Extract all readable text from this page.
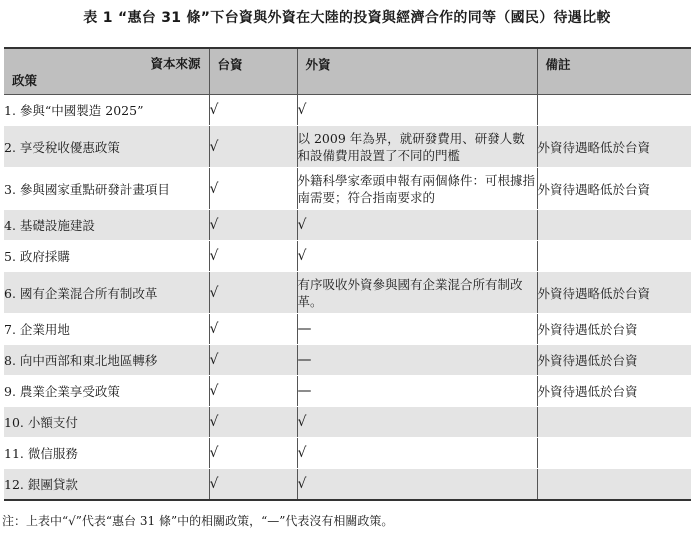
表 1 “惠台 31 條”下台資與外資在大陸的投資與經濟合作的同等（國民）待遇比較
資本來源
政策	台資	外資	備註

1. 參與“中國製造 2025”	√	√	
2. 享受稅收優惠政策	√	以 2009 年為界，就研發費用、研發人數和設備費用設置了不同的門檻	外資待遇略低於台資
3. 參與國家重點研發計畫項目	√	外籍科學家牽頭申報有兩個條件：可根據指南需要；符合指南要求的	外資待遇略低於台資
4. 基礎設施建設	√	√	
5. 政府採購	√	√	
6. 國有企業混合所有制改革	√	有序吸收外資參與國有企業混合所有制改革。	外資待遇略低於台資
7. 企業用地	√	—	外資待遇低於台資
8. 向中西部和東北地區轉移	√	—	外資待遇低於台資
9. 農業企業享受政策	√	—	外資待遇低於台資
10. 小額支付	√	√	
11. 微信服務	√	√	
12. 銀團貸款	√	√	
注：上表中“√”代表“惠台 31 條”中的相關政策，“—”代表沒有相關政策。
